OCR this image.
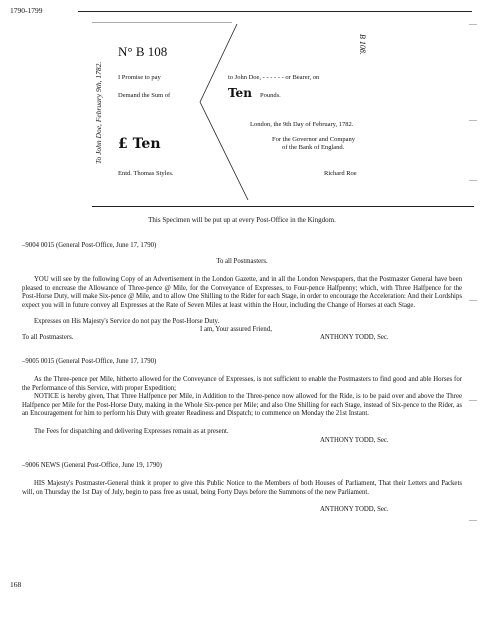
1790-1799
To John Doe, February 9th, 1782.
B 108.
N° B 108
I Promise to pay
Demand the Sum of
to John Doe, - - - - - - or Bearer, on
Ten Pounds.
London, the 9th Day of February, 1782.
£ Ten	For the Governor and Company
of the Bank of England.
Entd. Thomas Styles.	Richard Roe
This Specimen will be put up at every Post-Office in the Kingdom.
–9004 0015 (General Post-Office, June 17, 1790)
To all Postmasters.
YOU will see by the following Copy of an Advertisement in the London Gazette, and in all the London Newspapers, that the Postmaster General have been pleased to encrease the Allowance of Three-pence @ Mile, for the Conveyance of Expresses, to Four-pence Halfpenny; which, with Three Halfpence for the Post-Horse Duty, will make Six-pence @ Mile, and to allow One Shilling to the Rider for each Stage, in order to encourage the Acceleration: And their Lordships expect you will in future convey all Expresses at the Rate of Seven Miles at least within the Hour, including the Change of Horses at each Stage.
Expresses on His Majesty's Service do not pay the Post-Horse Duty.
I am, Your assured Friend,
To all Postmasters.	ANTHONY TODD, Sec.
–9005 0015 (General Post-Office, June 17, 1790)
As the Three-pence per Mile, hitherto allowed for the Conveyance of Expresses, is not sufficient to enable the Postmasters to find good and able Horses for the Performance of this Service, with proper Expedition;
NOTICE is hereby given, That Three Halfpence per Mile, in Addition to the Three-pence now allowed for the Ride, is to be paid over and above the Three Halfpence per Mile for the Post-Horse Duty, making in the Whole Six-pence per Mile; and also One Shilling for each Stage, instead of Six-pence to the Rider, as an Encouragement for him to perform his Duty with greater Readiness and Dispatch; to commence on Monday the 21st Instant.
The Fees for dispatching and delivering Expresses remain as at present.
ANTHONY TODD, Sec.
–9006 NEWS (General Post-Office, June 19, 1790)
HIS Majesty's Postmaster-General think it proper to give this Public Notice to the Members of both Houses of Parliament, That their Letters and Packets will, on Thursday the 1st Day of July, begin to pass free as usual, being Forty Days before the Summons of the new Parliament.
ANTHONY TODD, Sec.
168
